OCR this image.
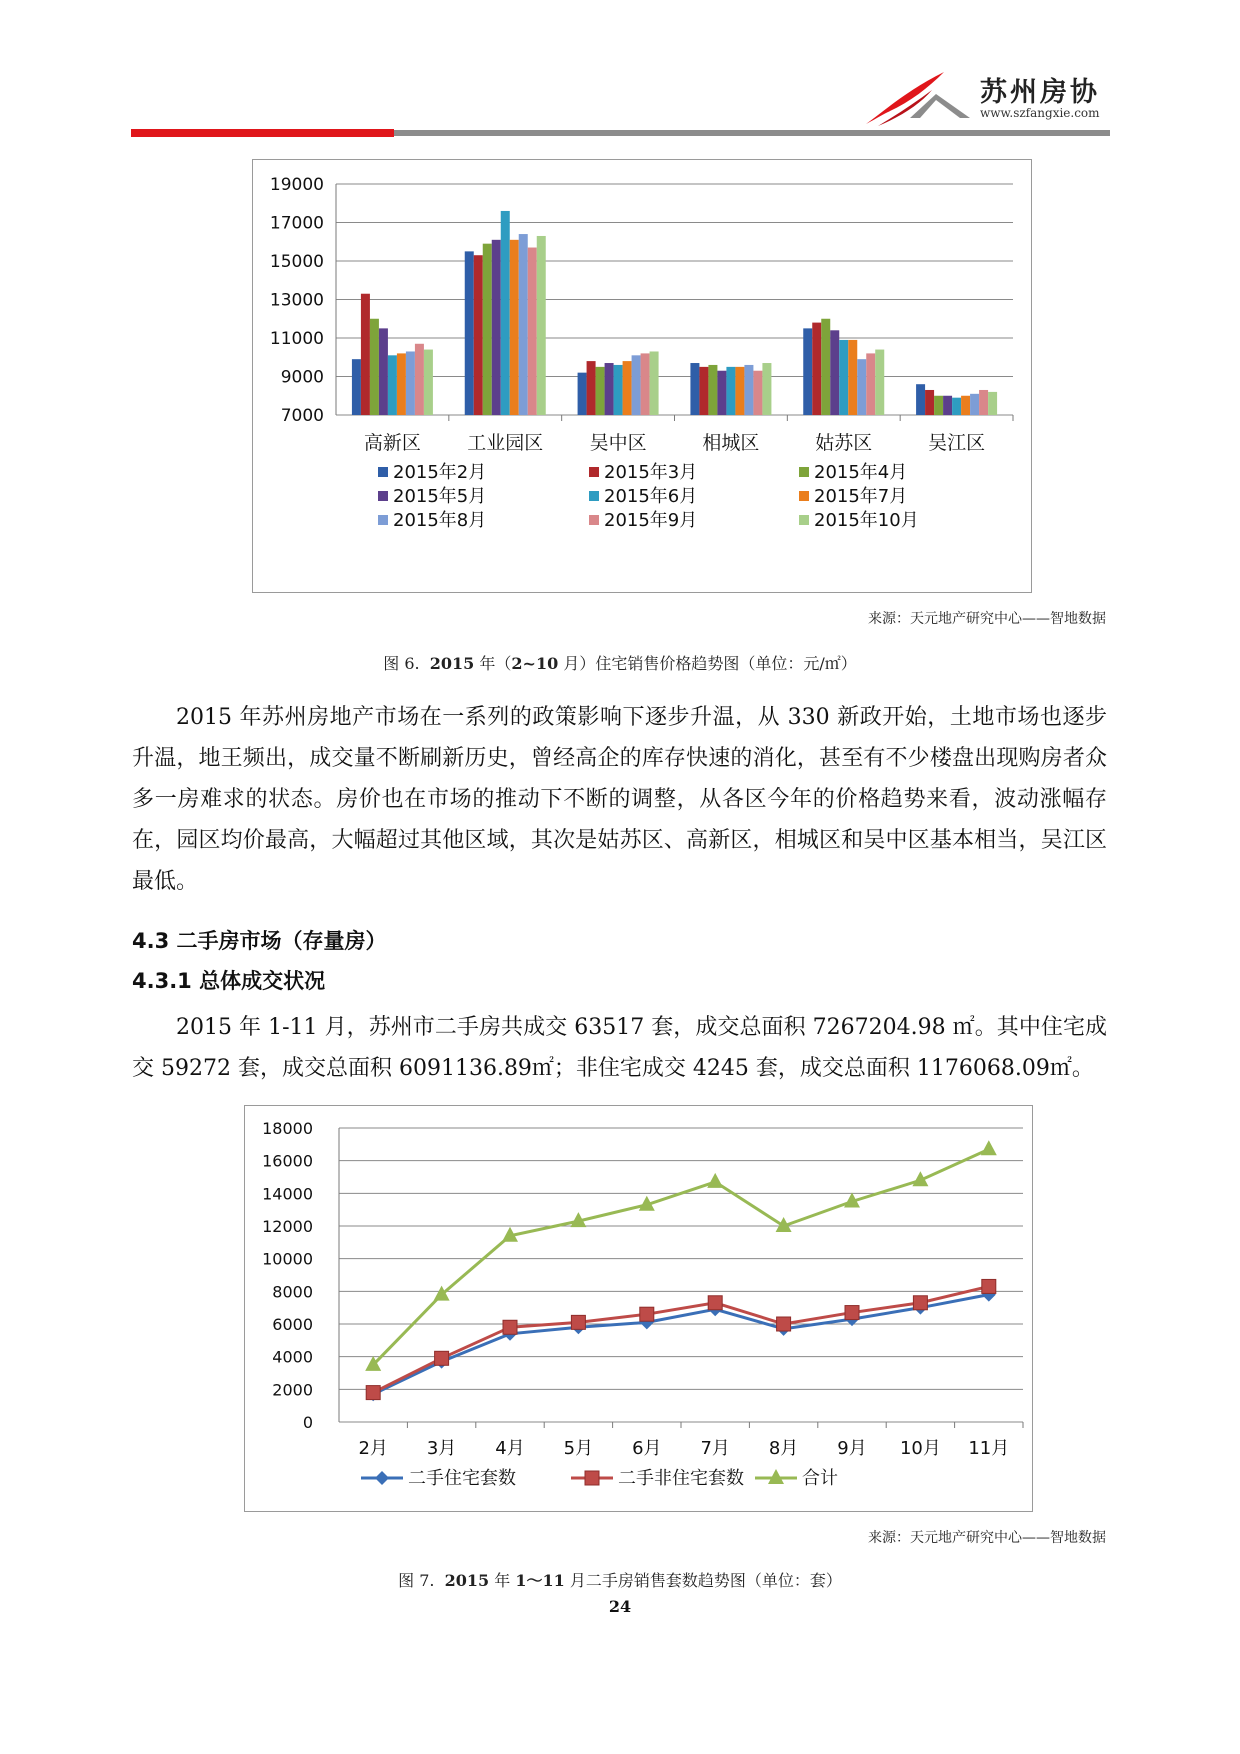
苏州房协
www.szfangxie.com
7000
9000
11000
13000
15000
17000
19000
高新区 工业园区 吴中区	相城区	姑苏区	吴江区
2015年2月	2015年3月	2015年4月
2015年5月	2015年6月	2015年7月
2015年8月	2015年9月	2015年10月
来源：天元地产研究中心——智地数据
图 6. 2015 年（2~10 月）住宅销售价格趋势图（单位：元/㎡）

2015 年苏州房地产市场在一系列的政策影响下逐步升温，从 330 新政开始，土地市场也逐步升温，地王频出，成交量不断刷新历史，曾经高企的库存快速的消化，甚至有不少楼盘出现购房者众多一房难求的状态。房价也在市场的推动下不断的调整，从各区今年的价格趋势来看，波动涨幅存在，园区均价最高，大幅超过其他区域，其次是姑苏区、高新区，相城区和吴中区基本相当，吴江区最低。

4.3 二手房市场（存量房）
4.3.1 总体成交状况

2015 年 1-11 月，苏州市二手房共成交 63517 套，成交总面积 7267204.98 ㎡。其中住宅成交 59272 套，成交总面积 6091136.89㎡；非住宅成交 4245 套，成交总面积 1176068.09㎡。

0
2000
4000
6000
8000
10000
12000
14000
16000
18000
2月 3月 4月 5月 6月 7月 8月 9月 10月 11月
二手住宅套数	二手非住宅套数	合计
来源：天元地产研究中心——智地数据
图 7. 2015 年 1～11 月二手房销售套数趋势图（单位：套）
24
